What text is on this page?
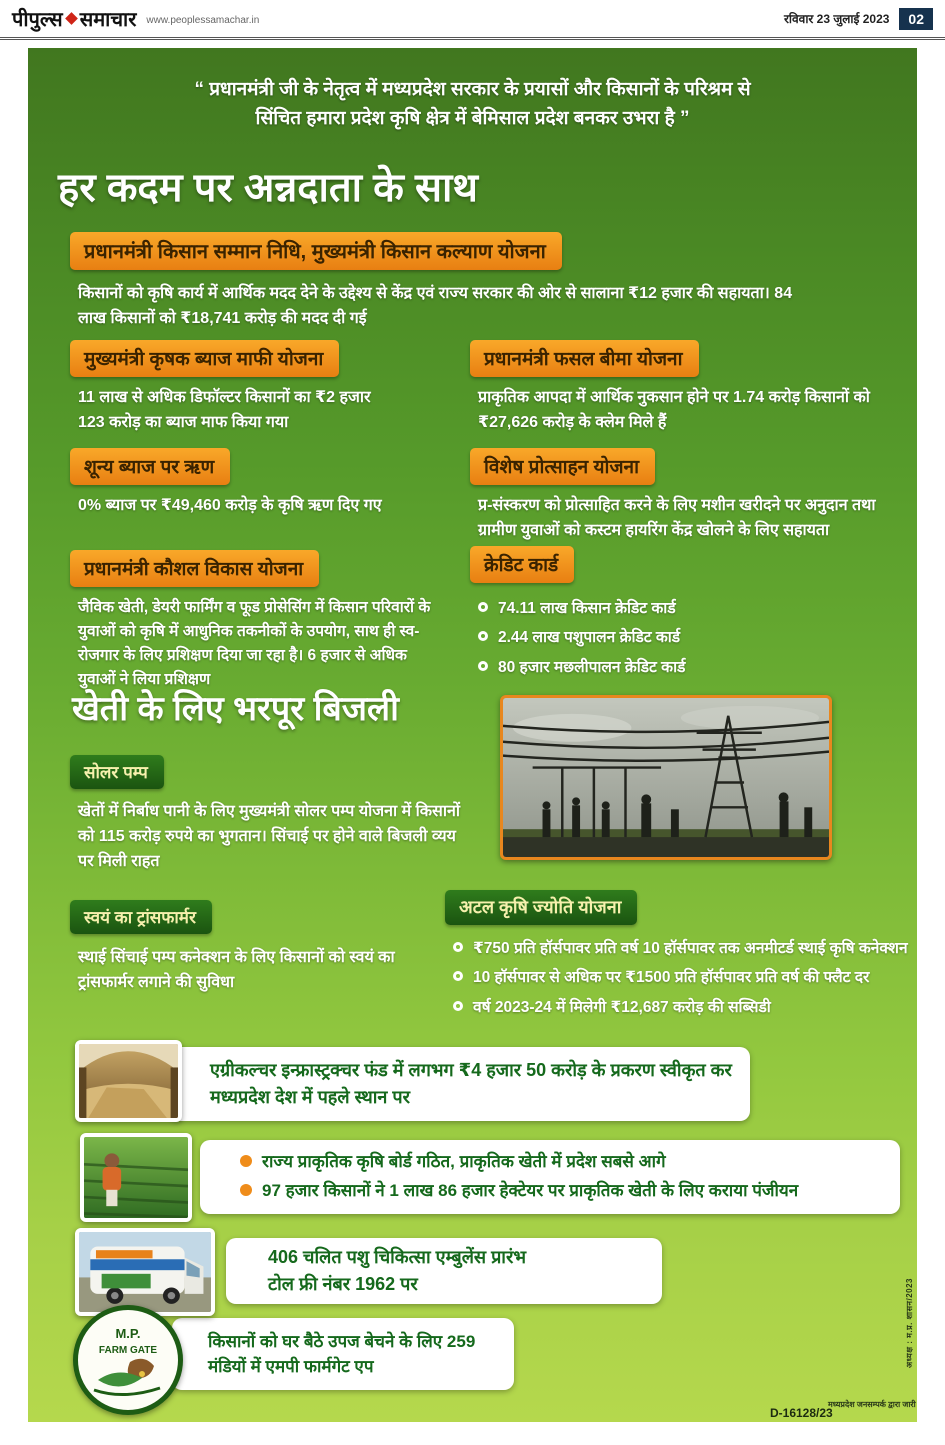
पीपुल्स समाचार www.peoplessamachar.in	रविवार 23 जुलाई 2023	02
“ प्रधानमंत्री जी के नेतृत्व में मध्यप्रदेश सरकार के प्रयासों और किसानों के परिश्रम से
सिंचित हमारा प्रदेश कृषि क्षेत्र में बेमिसाल प्रदेश बनकर उभरा है ”
हर कदम पर अन्नदाता के साथ
प्रधानमंत्री किसान सम्मान निधि, मुख्यमंत्री किसान कल्याण योजना
किसानों को कृषि कार्य में आर्थिक मदद देने के उद्देश्य से केंद्र एवं राज्य सरकार की ओर से सालाना ₹12 हजार की सहायता। 84 लाख किसानों को ₹18,741 करोड़ की मदद दी गई
मुख्यमंत्री कृषक ब्याज माफी योजना	प्रधानमंत्री फसल बीमा योजना
11 लाख से अधिक डिफॉल्टर किसानों का ₹2 हजार 123 करोड़ का ब्याज माफ किया गया
प्राकृतिक आपदा में आर्थिक नुकसान होने पर 1.74 करोड़ किसानों को ₹27,626 करोड़ के क्लेम मिले हैं
शून्य ब्याज पर ऋण	विशेष प्रोत्साहन योजना
0% ब्याज पर ₹49,460 करोड़ के कृषि ऋण दिए गए	प्र-संस्करण को प्रोत्साहित करने के लिए मशीन खरीदने पर अनुदान तथा ग्रामीण युवाओं को कस्टम हायरिंग केंद्र खोलने के लिए सहायता
प्रधानमंत्री कौशल विकास योजना	क्रेडिट कार्ड
जैविक खेती, डेयरी फार्मिंग व फूड प्रोसेसिंग में किसान परिवारों के युवाओं को कृषि में आधुनिक तकनीकों के उपयोग, साथ ही स्व-रोजगार के लिए प्रशिक्षण दिया जा रहा है। 6 हजार से अधिक युवाओं ने लिया प्रशिक्षण
74.11 लाख किसान क्रेडिट कार्ड
2.44 लाख पशुपालन क्रेडिट कार्ड
80 हजार मछलीपालन क्रेडिट कार्ड
खेती के लिए भरपूर बिजली
सोलर पम्प
खेतों में निर्बाध पानी के लिए मुख्यमंत्री सोलर पम्प योजना में किसानों को 115 करोड़ रुपये का भुगतान। सिंचाई पर होने वाले बिजली व्यय पर मिली राहत
स्वयं का ट्रांसफार्मर
स्थाई सिंचाई पम्प कनेक्शन के लिए किसानों को स्वयं का ट्रांसफार्मर लगाने की सुविधा
अटल कृषि ज्योति योजना
₹750 प्रति हॉर्सपावर प्रति वर्ष 10 हॉर्सपावर तक अनमीटर्ड स्थाई कृषि कनेक्शन
10 हॉर्सपावर से अधिक पर ₹1500 प्रति हॉर्सपावर प्रति वर्ष की फ्लैट दर
वर्ष 2023-24 में मिलेगी ₹12,687 करोड़ की सब्सिडी
एग्रीकल्चर इन्फ्रास्ट्रक्चर फंड में लगभग ₹4 हजार 50 करोड़ के प्रकरण स्वीकृत कर मध्यप्रदेश देश में पहले स्थान पर
राज्य प्राकृतिक कृषि बोर्ड गठित, प्राकृतिक खेती में प्रदेश सबसे आगे
97 हजार किसानों ने 1 लाख 86 हजार हेक्टेयर पर प्राकृतिक खेती के लिए कराया पंजीयन
406 चलित पशु चिकित्सा एम्बुलेंस प्रारंभ
टोल फ्री नंबर 1962 पर
M.P.
FARM GATE	किसानों को घर बैठे उपज बेचने के लिए 259 मंडियों में एमपी फार्मगेट एप
D-16128/23
मध्यप्रदेश जनसम्पर्क द्वारा जारी
अध्यक्ष : म.प्र. शासन/2023
